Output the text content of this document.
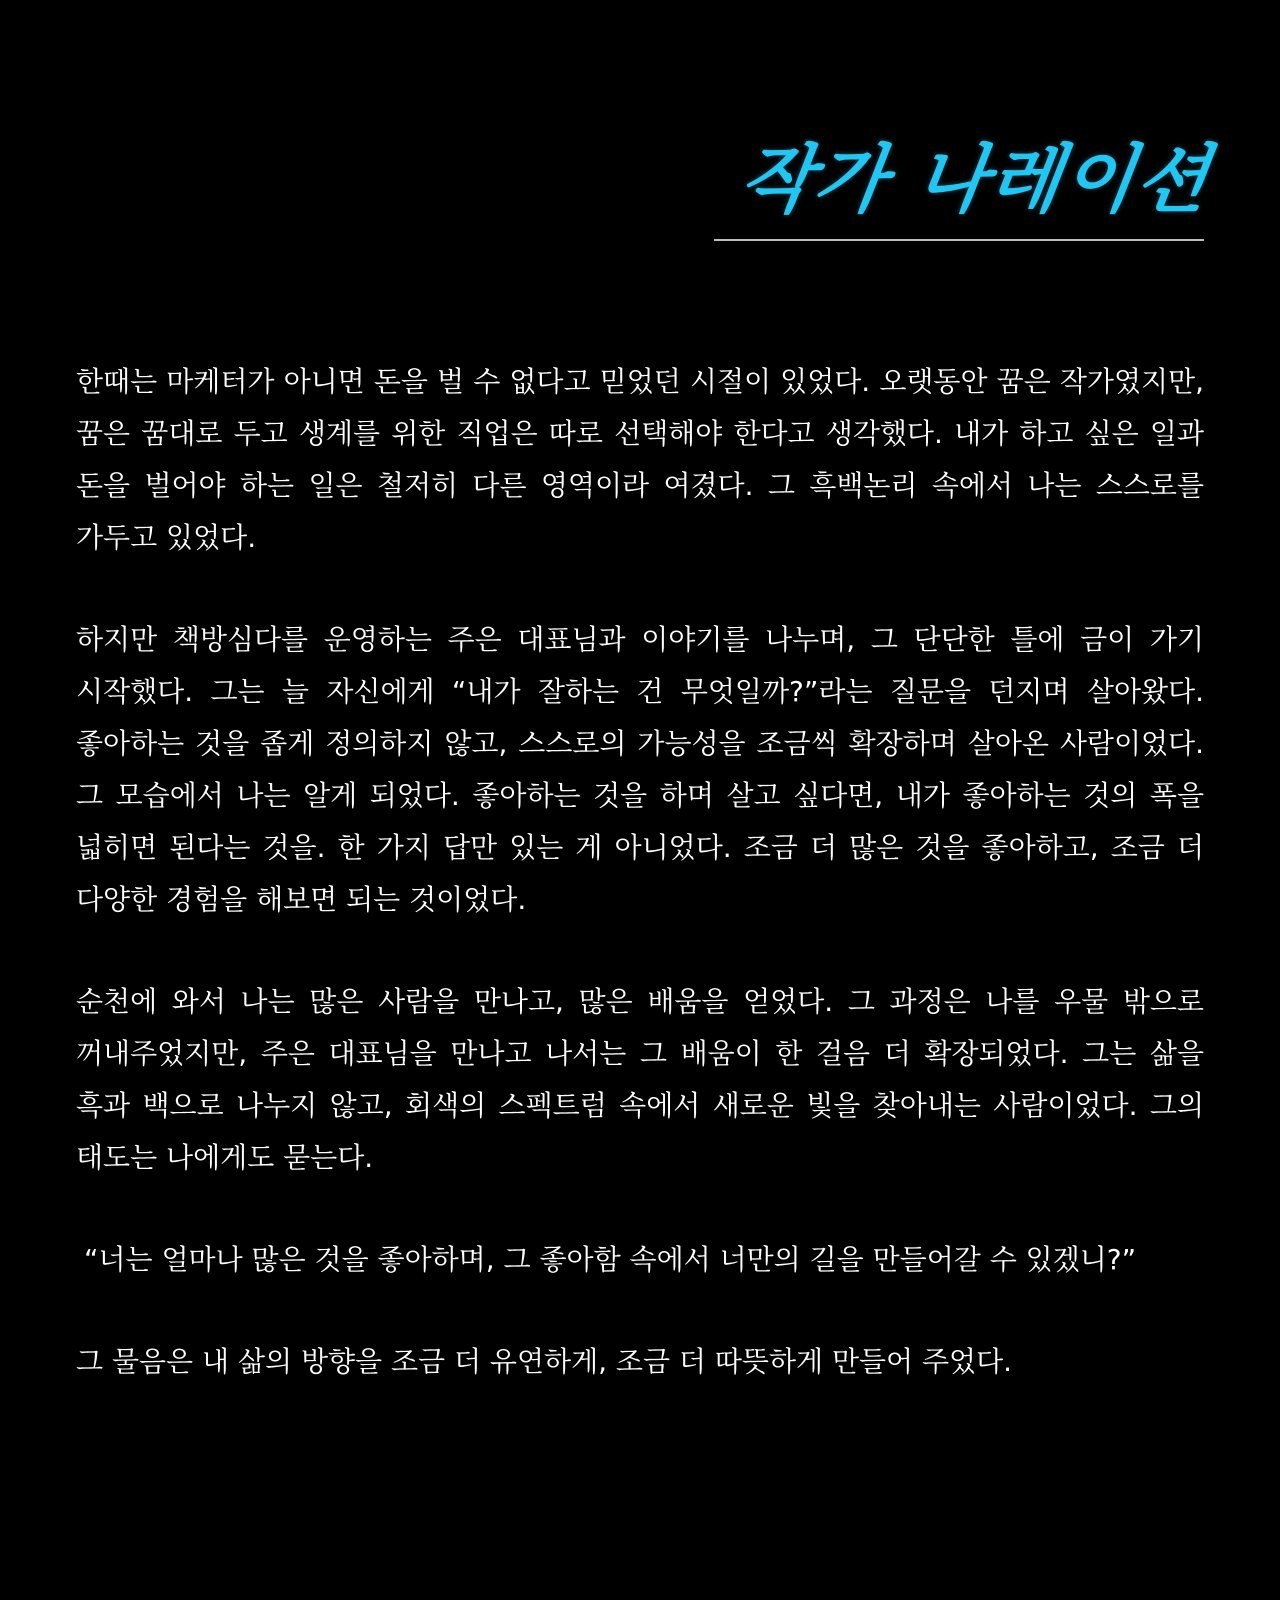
작가 나레이션

한때는 마케터가 아니면 돈을 벌 수 없다고 믿었던 시절이 있었다. 오랫동안 꿈은 작가였지만, 꿈은 꿈대로 두고 생계를 위한 직업은 따로 선택해야 한다고 생각했다. 내가 하고 싶은 일과 돈을 벌어야 하는 일은 철저히 다른 영역이라 여겼다. 그 흑백논리 속에서 나는 스스로를 가두고 있었다.

하지만 책방심다를 운영하는 주은 대표님과 이야기를 나누며, 그 단단한 틀에 금이 가기 시작했다. 그는 늘 자신에게 “내가 잘하는 건 무엇일까?”라는 질문을 던지며 살아왔다. 좋아하는 것을 좁게 정의하지 않고, 스스로의 가능성을 조금씩 확장하며 살아온 사람이었다. 그 모습에서 나는 알게 되었다. 좋아하는 것을 하며 살고 싶다면, 내가 좋아하는 것의 폭을 넓히면 된다는 것을. 한 가지 답만 있는 게 아니었다. 조금 더 많은 것을 좋아하고, 조금 더 다양한 경험을 해보면 되는 것이었다.

순천에 와서 나는 많은 사람을 만나고, 많은 배움을 얻었다. 그 과정은 나를 우물 밖으로 꺼내주었지만, 주은 대표님을 만나고 나서는 그 배움이 한 걸음 더 확장되었다. 그는 삶을 흑과 백으로 나누지 않고, 회색의 스펙트럼 속에서 새로운 빛을 찾아내는 사람이었다. 그의 태도는 나에게도 묻는다.

“너는 얼마나 많은 것을 좋아하며, 그 좋아함 속에서 너만의 길을 만들어갈 수 있겠니?”

그 물음은 내 삶의 방향을 조금 더 유연하게, 조금 더 따뜻하게 만들어 주었다.
